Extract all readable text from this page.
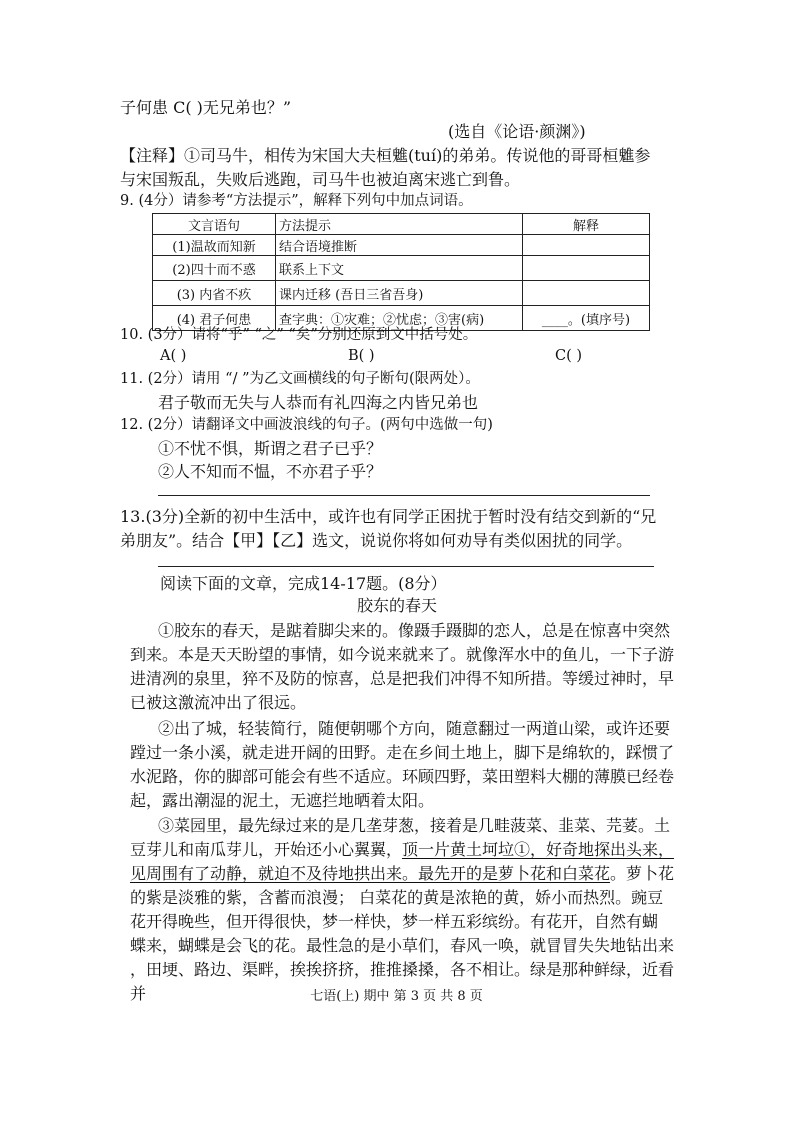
子何患 C( )无兄弟也？”
(选自《论语·颜渊》)
【注释】①司马牛，相传为宋国大夫桓魋(tuí)的弟弟。传说他的哥哥桓魋参
与宋国叛乱，失败后逃跑，司马牛也被迫离宋逃亡到鲁。
9. (4分）请参考“方法提示”，解释下列句中加点词语。
文言语句	方法提示	解释
(1)温故而知新	结合语境推断	
(2)四十而不惑	联系上下文	
(3) 内省不疚	课内迁移 (吾日三省吾身)	
(4) 君子何患	查字典：①灾难；②忧虑；③害(病)	____。(填序号)
10. (3分）请将“乎” “之” “矣”分别还原到文中括号处。
A( )	B( )	C( )
11. (2分）请用 “/ ”为乙文画横线的句子断句(限两处）。
君子敬而无失与人恭而有礼四海之内皆兄弟也
12. (2分）请翻译文中画波浪线的句子。(两句中选做一句)
①不忧不惧，斯谓之君子已乎？
②人不知而不愠，不亦君子乎？
13.(3分)全新的初中生活中，或许也有同学正困扰于暂时没有结交到新的“兄
弟朋友”。结合【甲】【乙】选文，说说你将如何劝导有类似困扰的同学。
阅读下面的文章，完成14-17题。(8分）
胶东的春天
①胶东的春天，是踮着脚尖来的。像蹑手蹑脚的恋人，总是在惊喜中突然
到来。本是天天盼望的事情，如今说来就来了。就像浑水中的鱼儿，一下子游
进清冽的泉里，猝不及防的惊喜，总是把我们冲得不知所措。等缓过神时，早
已被这激流冲出了很远。
②出了城，轻装简行，随便朝哪个方向，随意翻过一两道山梁，或许还要
蹚过一条小溪，就走进开阔的田野。走在乡间土地上，脚下是绵软的，踩惯了
水泥路，你的脚部可能会有些不适应。环顾四野，菜田塑料大棚的薄膜已经卷
起，露出潮湿的泥土，无遮拦地晒着太阳。
③菜园里，最先绿过来的是几垄芽葱，接着是几畦菠菜、韭菜、芫荽。土
豆芽儿和南瓜芽儿，开始还小心翼翼，顶一片黄土坷垃①，好奇地探出头来，
见周围有了动静，就迫不及待地拱出来。最先开的是萝卜花和白菜花。萝卜花
的紫是淡雅的紫，含蓄而浪漫； 白菜花的黄是浓艳的黄，娇小而热烈。豌豆
花开得晚些，但开得很快，梦一样快，梦一样五彩缤纷。有花开，自然有蝴
蝶来，蝴蝶是会飞的花。最性急的是小草们，春风一唤，就冒冒失失地钻出来
，田埂、路边、渠畔，挨挨挤挤，推推搡搡，各不相让。绿是那种鲜绿，近看
并	七语(上) 期中 第 3 页 共 8 页
